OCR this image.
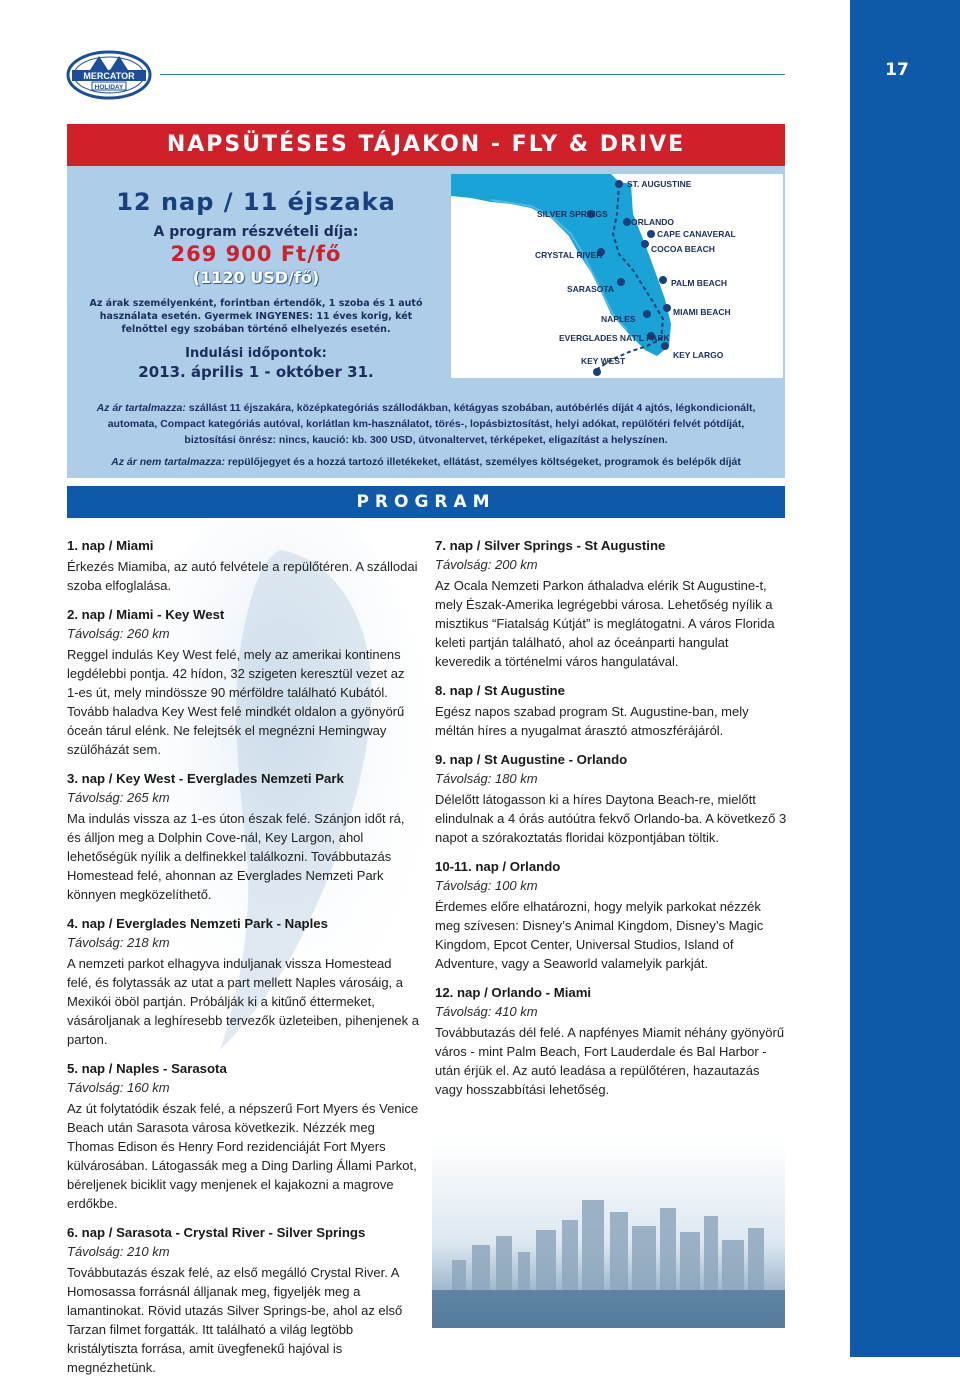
17
MERCATOR
HOLIDAY
NAPSÜTÉSES TÁJAKON - FLY & DRIVE
12 nap / 11 éjszaka
A program részvételi díja:
269 900 Ft/fő
(1120 USD/fő)
Az árak személyenként, forintban értendők, 1 szoba és 1 autó használata esetén. Gyermek INGYENES: 11 éves korig, két felnőttel egy szobában történő elhelyezés esetén.
Indulási időpontok:
2013. április 1 - október 31.
ST. AUGUSTINE
SILVER SPRINGS
ORLANDO
CAPE CANAVERAL
COCOA BEACH
CRYSTAL RIVER
PALM BEACH
SARASOTA
NAPLES
MIAMI BEACH
EVERGLADES NAT'L PARK
KEY LARGO
KEY WEST
Az ár tartalmazza: szállást 11 éjszakára, középkategóriás szállodákban, kétágyas szobában, autóbérlés díját 4 ajtós, légkondicionált, automata, Compact kategóriás autóval, korlátlan km-használatot, törés-, lopásbiztosítást, helyi adókat, repülőtéri felvét pótdíját, biztosítási önrész: nincs, kaució: kb. 300 USD, útvonaltervet, térképeket, eligazítást a helyszínen.
Az ár nem tartalmazza: repülőjegyet és a hozzá tartozó illetékeket, ellátást, személyes költségeket, programok és belépők díját
PROGRAM
1. nap / Miami

Érkezés Miamiba, az autó felvétele a repülőtéren. A szállodai szoba elfoglalása.

2. nap / Miami - Key West
Távolság: 260 km

Reggel indulás Key West felé, mely az amerikai kontinens legdélebbi pontja. 42 hídon, 32 szigeten keresztül vezet az 1-es út, mely mindössze 90 mérföldre található Kubától. Tovább haladva Key West felé mindkét oldalon a gyönyörű óceán tárul elénk. Ne felejtsék el megnézni Hemingway szülőházát sem.

3. nap / Key West - Everglades Nemzeti Park
Távolság: 265 km

Ma indulás vissza az 1-es úton észak felé. Szánjon időt rá, és álljon meg a Dolphin Cove-nál, Key Largon, ahol lehetőségük nyílik a delfinekkel találkozni. Továbbutazás Homestead felé, ahonnan az Everglades Nemzeti Park könnyen megközelíthető.

4. nap / Everglades Nemzeti Park - Naples
Távolság: 218 km

A nemzeti parkot elhagyva induljanak vissza Homestead felé, és folytassák az utat a part mellett Naples városáig, a Mexikói öböl partján. Próbálják ki a kitűnő éttermeket, vásároljanak a leghíresebb tervezők üzleteiben, pihenjenek a parton.

5. nap / Naples - Sarasota
Távolság: 160 km

Az út folytatódik észak felé, a népszerű Fort Myers és Venice Beach után Sarasota városa következik. Nézzék meg Thomas Edison és Henry Ford rezidenciáját Fort Myers külvárosában. Látogassák meg a Ding Darling Állami Parkot, béreljenek biciklit vagy menjenek el kajakozni a magrove erdőkbe.

6. nap / Sarasota - Crystal River - Silver Springs
Távolság: 210 km

Továbbutazás észak felé, az első megálló Crystal River. A Homosassa forrásnál álljanak meg, figyeljék meg a lamantinokat. Rövid utazás Silver Springs-be, ahol az első Tarzan filmet forgatták. Itt található a világ legtöbb kristálytiszta forrása, amit üvegfenekű hajóval is megnézhetünk.

7. nap / Silver Springs - St Augustine
Távolság: 200 km

Az Ocala Nemzeti Parkon áthaladva elérik St Augustine-t, mely Észak-Amerika legrégebbi városa. Lehetőség nyílik a misztikus “Fiatalság Kútját” is meglátogatni. A város Florida keleti partján található, ahol az óceánparti hangulat keveredik a történelmi város hangulatával.

8. nap / St Augustine

Egész napos szabad program St. Augustine-ban, mely méltán híres a nyugalmat árasztó atmoszférájáról.

9. nap / St Augustine - Orlando
Távolság: 180 km

Délelőtt látogasson ki a híres Daytona Beach-re, mielőtt elindulnak a 4 órás autóútra fekvő Orlando-ba. A következő 3 napot a szórakoztatás floridai központjában töltik.

10-11. nap / Orlando
Távolság: 100 km

Érdemes előre elhatározni, hogy melyik parkokat nézzék meg szívesen: Disney’s Animal Kingdom, Disney’s Magic Kingdom, Epcot Center, Universal Studios, Island of Adventure, vagy a Seaworld valamelyik parkját.

12. nap / Orlando - Miami
Távolság: 410 km

Továbbutazás dél felé. A napfényes Miamit néhány gyönyörű város - mint Palm Beach, Fort Lauderdale és Bal Harbor - után érjük el. Az autó leadása a repülőtéren, hazautazás vagy hosszabbítási lehetőség.
